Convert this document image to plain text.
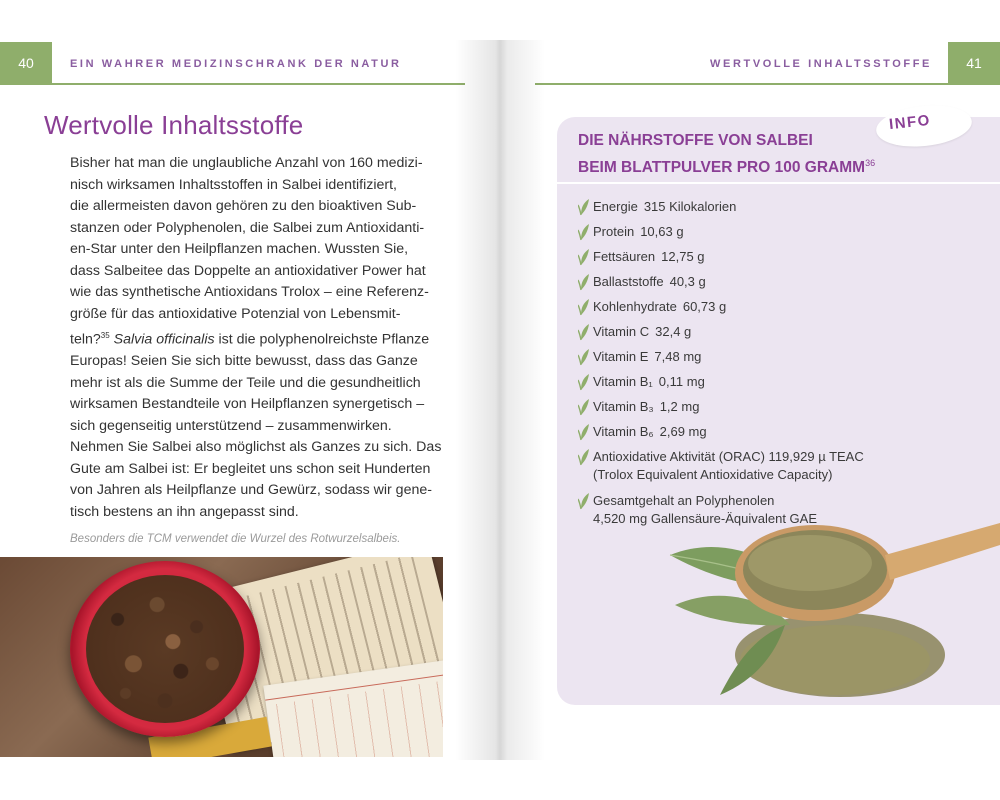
40	EIN WAHRER MEDIZINSCHRANK DER NATUR	WERTVOLLE INHALTSSTOFFE	41
Wertvolle Inhaltsstoffe
Bisher hat man die unglaubliche Anzahl von 160 medizi-
nisch wirksamen Inhaltsstoffen in Salbei identifiziert,
die allermeisten davon gehören zu den bioaktiven Sub-
stanzen oder Polyphenolen, die Salbei zum Antioxidanti-
en-Star unter den Heilpflanzen machen. Wussten Sie,
dass Salbeitee das Doppelte an antioxidativer Power hat
wie das synthetische Antioxidans Trolox – eine Referenz-
größe für das antioxidative Potenzial von Lebensmit-
teln?$^{35}$ Salvia officinalis ist die polyphenolreichste Pflanze
Europas! Seien Sie sich bitte bewusst, dass das Ganze
mehr ist als die Summe der Teile und die gesundheitlich
wirksamen Bestandteile von Heilpflanzen synergetisch –
sich gegenseitig unterstützend – zusammenwirken.
Nehmen Sie Salbei also möglichst als Ganzes zu sich. Das
Gute am Salbei ist: Er begleitet uns schon seit Hunderten
von Jahren als Heilpflanze und Gewürz, sodass wir gene-
tisch bestens an ihn angepasst sind.
Besonders die TCM verwendet die Wurzel des Rotwurzelsalbeis.
INFO
DIE NÄHRSTOFFE VON SALBEI
BEIM BLATTPULVER PRO 100 GRAMM$^{36}$
Energie 315 Kilokalorien
Protein 10,63 g
Fettsäuren 12,75 g
Ballaststoffe 40,3 g
Kohlenhydrate 60,73 g
Vitamin C 32,4 g
Vitamin E 7,48 mg
Vitamin B₁ 0,11 mg
Vitamin B₃ 1,2 mg
Vitamin B₆ 2,69 mg
Antioxidative Aktivität (ORAC) 119,929 µ TEAC
(Trolox Equivalent Antioxidative Capacity)
Gesamtgehalt an Polyphenolen
4,520 mg Gallensäure-Äquivalent GAE
